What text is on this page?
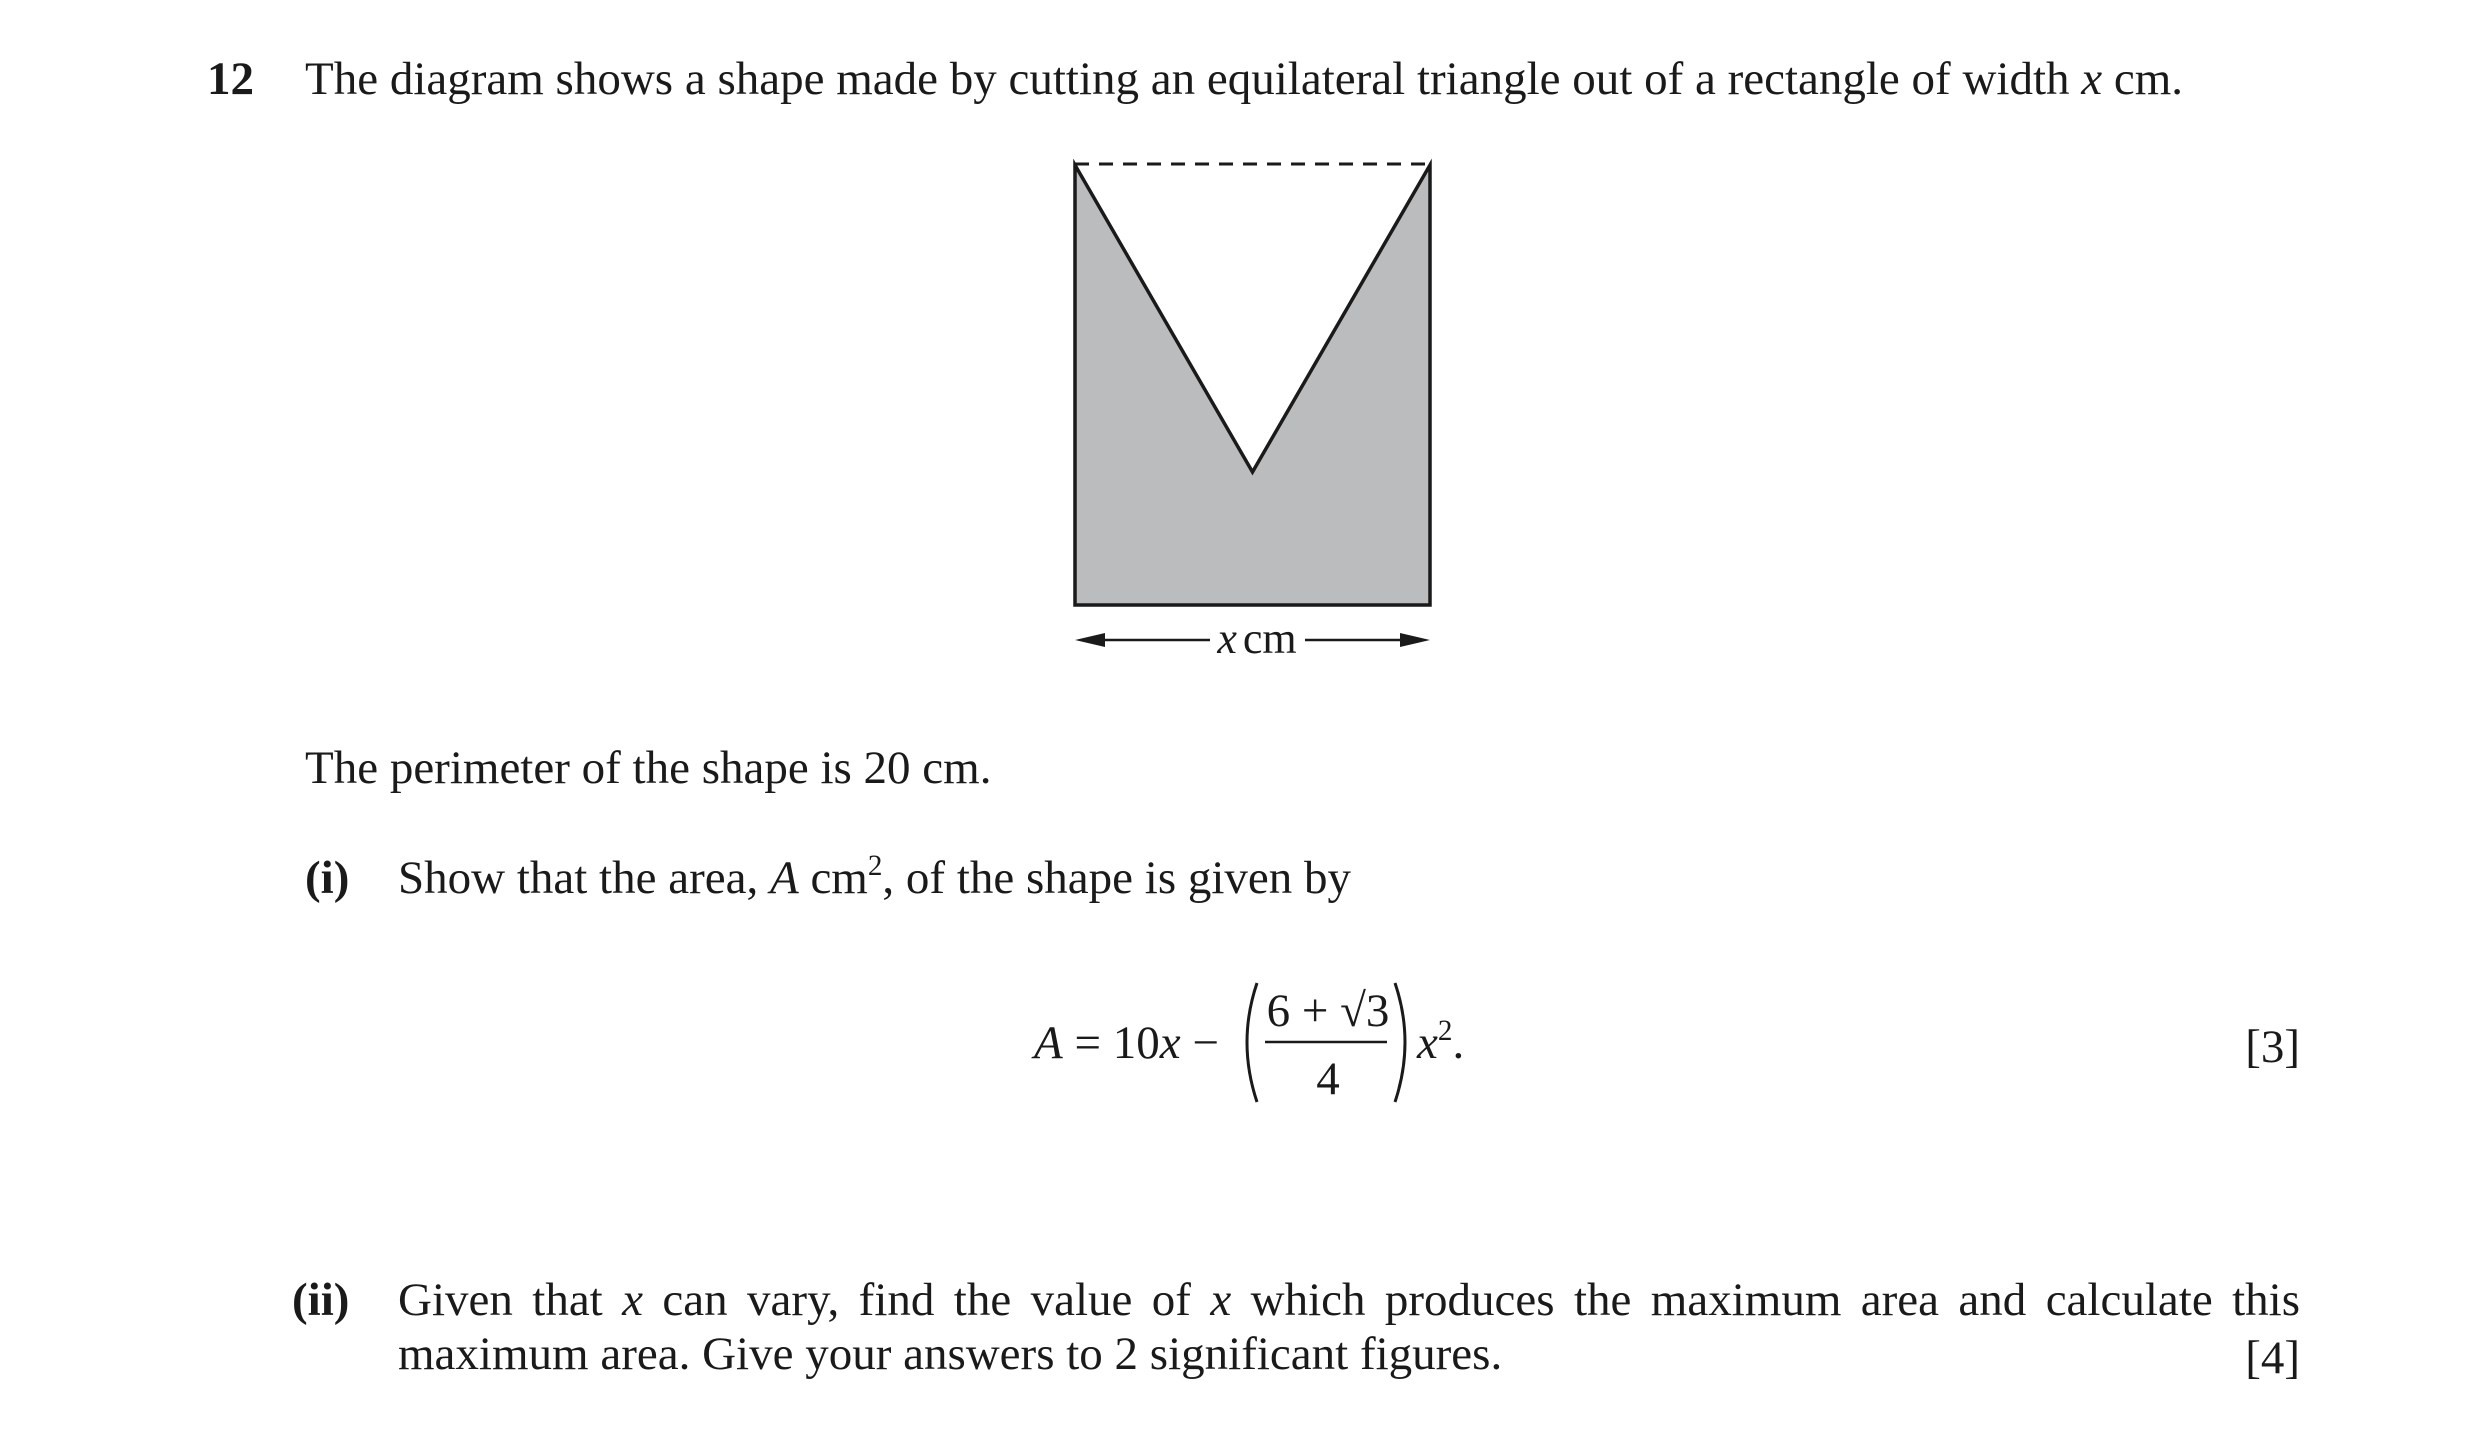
12 The diagram shows a shape made by cutting an equilateral triangle out of a rectangle of width x cm.
x cm
The perimeter of the shape is 20 cm.
(i) Show that the area, A $cm^2$, of the shape is given by
A = 10x −
6 + √3
4
$x^2$.	[3]
(ii) Given that x can vary, find the value of x which produces the maximum area and calculate this
maximum area. Give your answers to 2 significant figures.	[4]
